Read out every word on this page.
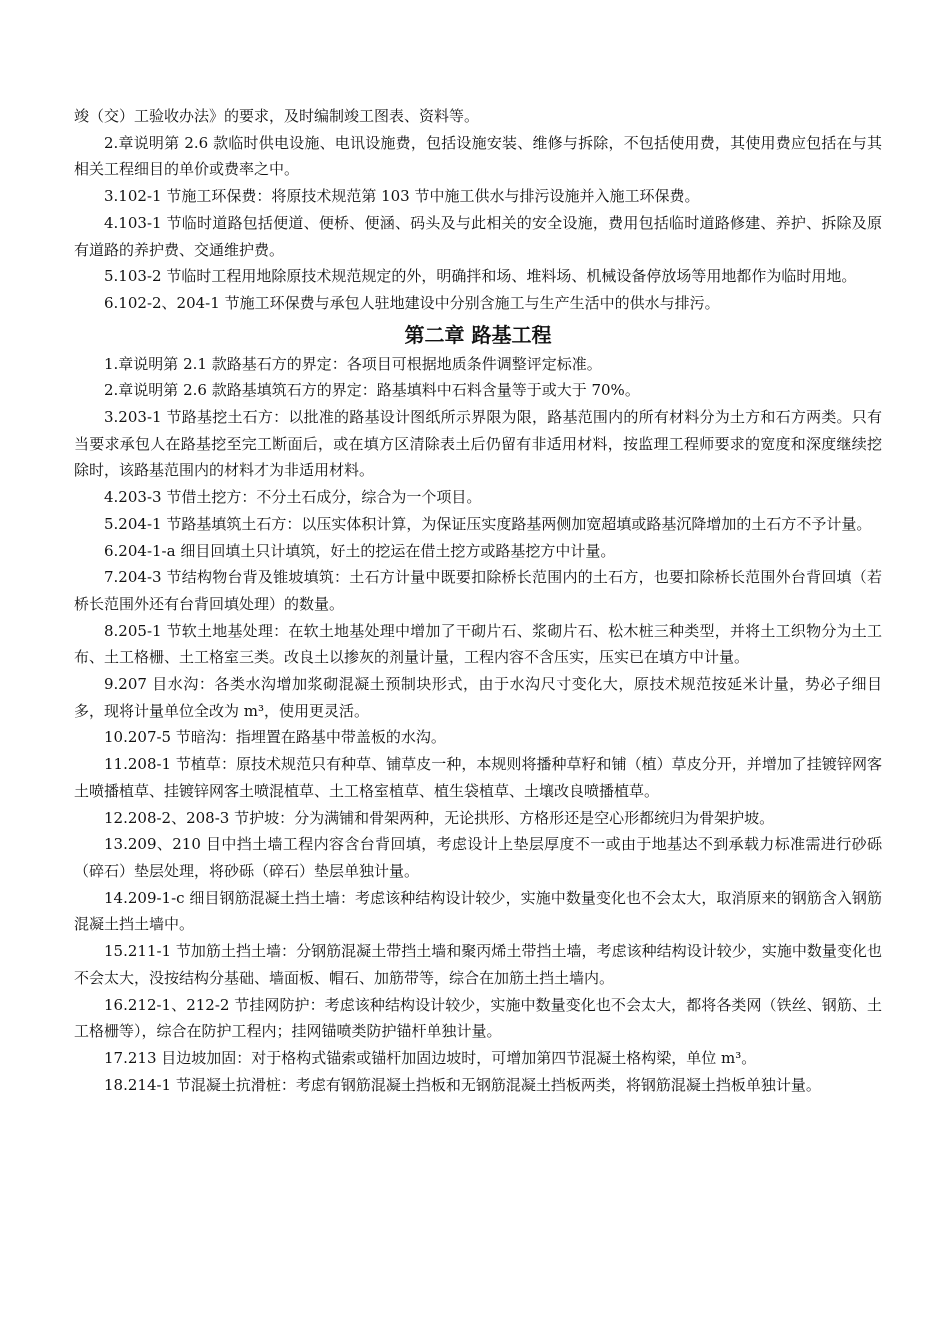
竣（交）工验收办法》的要求，及时编制竣工图表、资料等。

2.章说明第 2.6 款临时供电设施、电讯设施费，包括设施安装、维修与拆除，不包括使用费，其使用费应包括在与其相关工程细目的单价或费率之中。

3.102-1 节施工环保费：将原技术规范第 103 节中施工供水与排污设施并入施工环保费。

4.103-1 节临时道路包括便道、便桥、便涵、码头及与此相关的安全设施，费用包括临时道路修建、养护、拆除及原有道路的养护费、交通维护费。

5.103-2 节临时工程用地除原技术规范规定的外，明确拌和场、堆料场、机械设备停放场等用地都作为临时用地。

6.102-2、204-1 节施工环保费与承包人驻地建设中分别含施工与生产生活中的供水与排污。

第二章 路基工程

1.章说明第 2.1 款路基石方的界定：各项目可根据地质条件调整评定标准。

2.章说明第 2.6 款路基填筑石方的界定：路基填料中石料含量等于或大于 70%。

3.203-1 节路基挖土石方：以批准的路基设计图纸所示界限为限，路基范围内的所有材料分为土方和石方两类。只有当要求承包人在路基挖至完工断面后，或在填方区清除表土后仍留有非适用材料，按监理工程师要求的宽度和深度继续挖除时，该路基范围内的材料才为非适用材料。

4.203-3 节借土挖方：不分土石成分，综合为一个项目。

5.204-1 节路基填筑土石方：以压实体积计算，为保证压实度路基两侧加宽超填或路基沉降增加的土石方不予计量。

6.204-1-a 细目回填土只计填筑，好土的挖运在借土挖方或路基挖方中计量。

7.204-3 节结构物台背及锥坡填筑：土石方计量中既要扣除桥长范围内的土石方，也要扣除桥长范围外台背回填（若桥长范围外还有台背回填处理）的数量。

8.205-1 节软土地基处理：在软土地基处理中增加了干砌片石、浆砌片石、松木桩三种类型，并将土工织物分为土工布、土工格栅、土工格室三类。改良土以掺灰的剂量计量，工程内容不含压实，压实已在填方中计量。

9.207 目水沟：各类水沟增加浆砌混凝土预制块形式，由于水沟尺寸变化大，原技术规范按延米计量，势必子细目多，现将计量单位全改为 m³，使用更灵活。

10.207-5 节暗沟：指埋置在路基中带盖板的水沟。

11.208-1 节植草：原技术规范只有种草、铺草皮一种，本规则将播种草籽和铺（植）草皮分开，并增加了挂镀锌网客土喷播植草、挂镀锌网客土喷混植草、土工格室植草、植生袋植草、土壤改良喷播植草。

12.208-2、208-3 节护坡：分为满铺和骨架两种，无论拱形、方格形还是空心形都统归为骨架护坡。

13.209、210 目中挡土墙工程内容含台背回填，考虑设计上垫层厚度不一或由于地基达不到承载力标准需进行砂砾（碎石）垫层处理，将砂砾（碎石）垫层单独计量。

14.209-1-c 细目钢筋混凝土挡土墙：考虑该种结构设计较少，实施中数量变化也不会太大，取消原来的钢筋含入钢筋混凝土挡土墙中。

15.211-1 节加筋土挡土墙：分钢筋混凝土带挡土墙和聚丙烯土带挡土墙，考虑该种结构设计较少，实施中数量变化也不会太大，没按结构分基础、墙面板、帽石、加筋带等，综合在加筋土挡土墙内。

16.212-1、212-2 节挂网防护：考虑该种结构设计较少，实施中数量变化也不会太大，都将各类网（铁丝、钢筋、土工格栅等），综合在防护工程内；挂网锚喷类防护锚杆单独计量。

17.213 目边坡加固：对于格构式锚索或锚杆加固边坡时，可增加第四节混凝土格构梁，单位 m³。

18.214-1 节混凝土抗滑桩：考虑有钢筋混凝土挡板和无钢筋混凝土挡板两类，将钢筋混凝土挡板单独计量。
